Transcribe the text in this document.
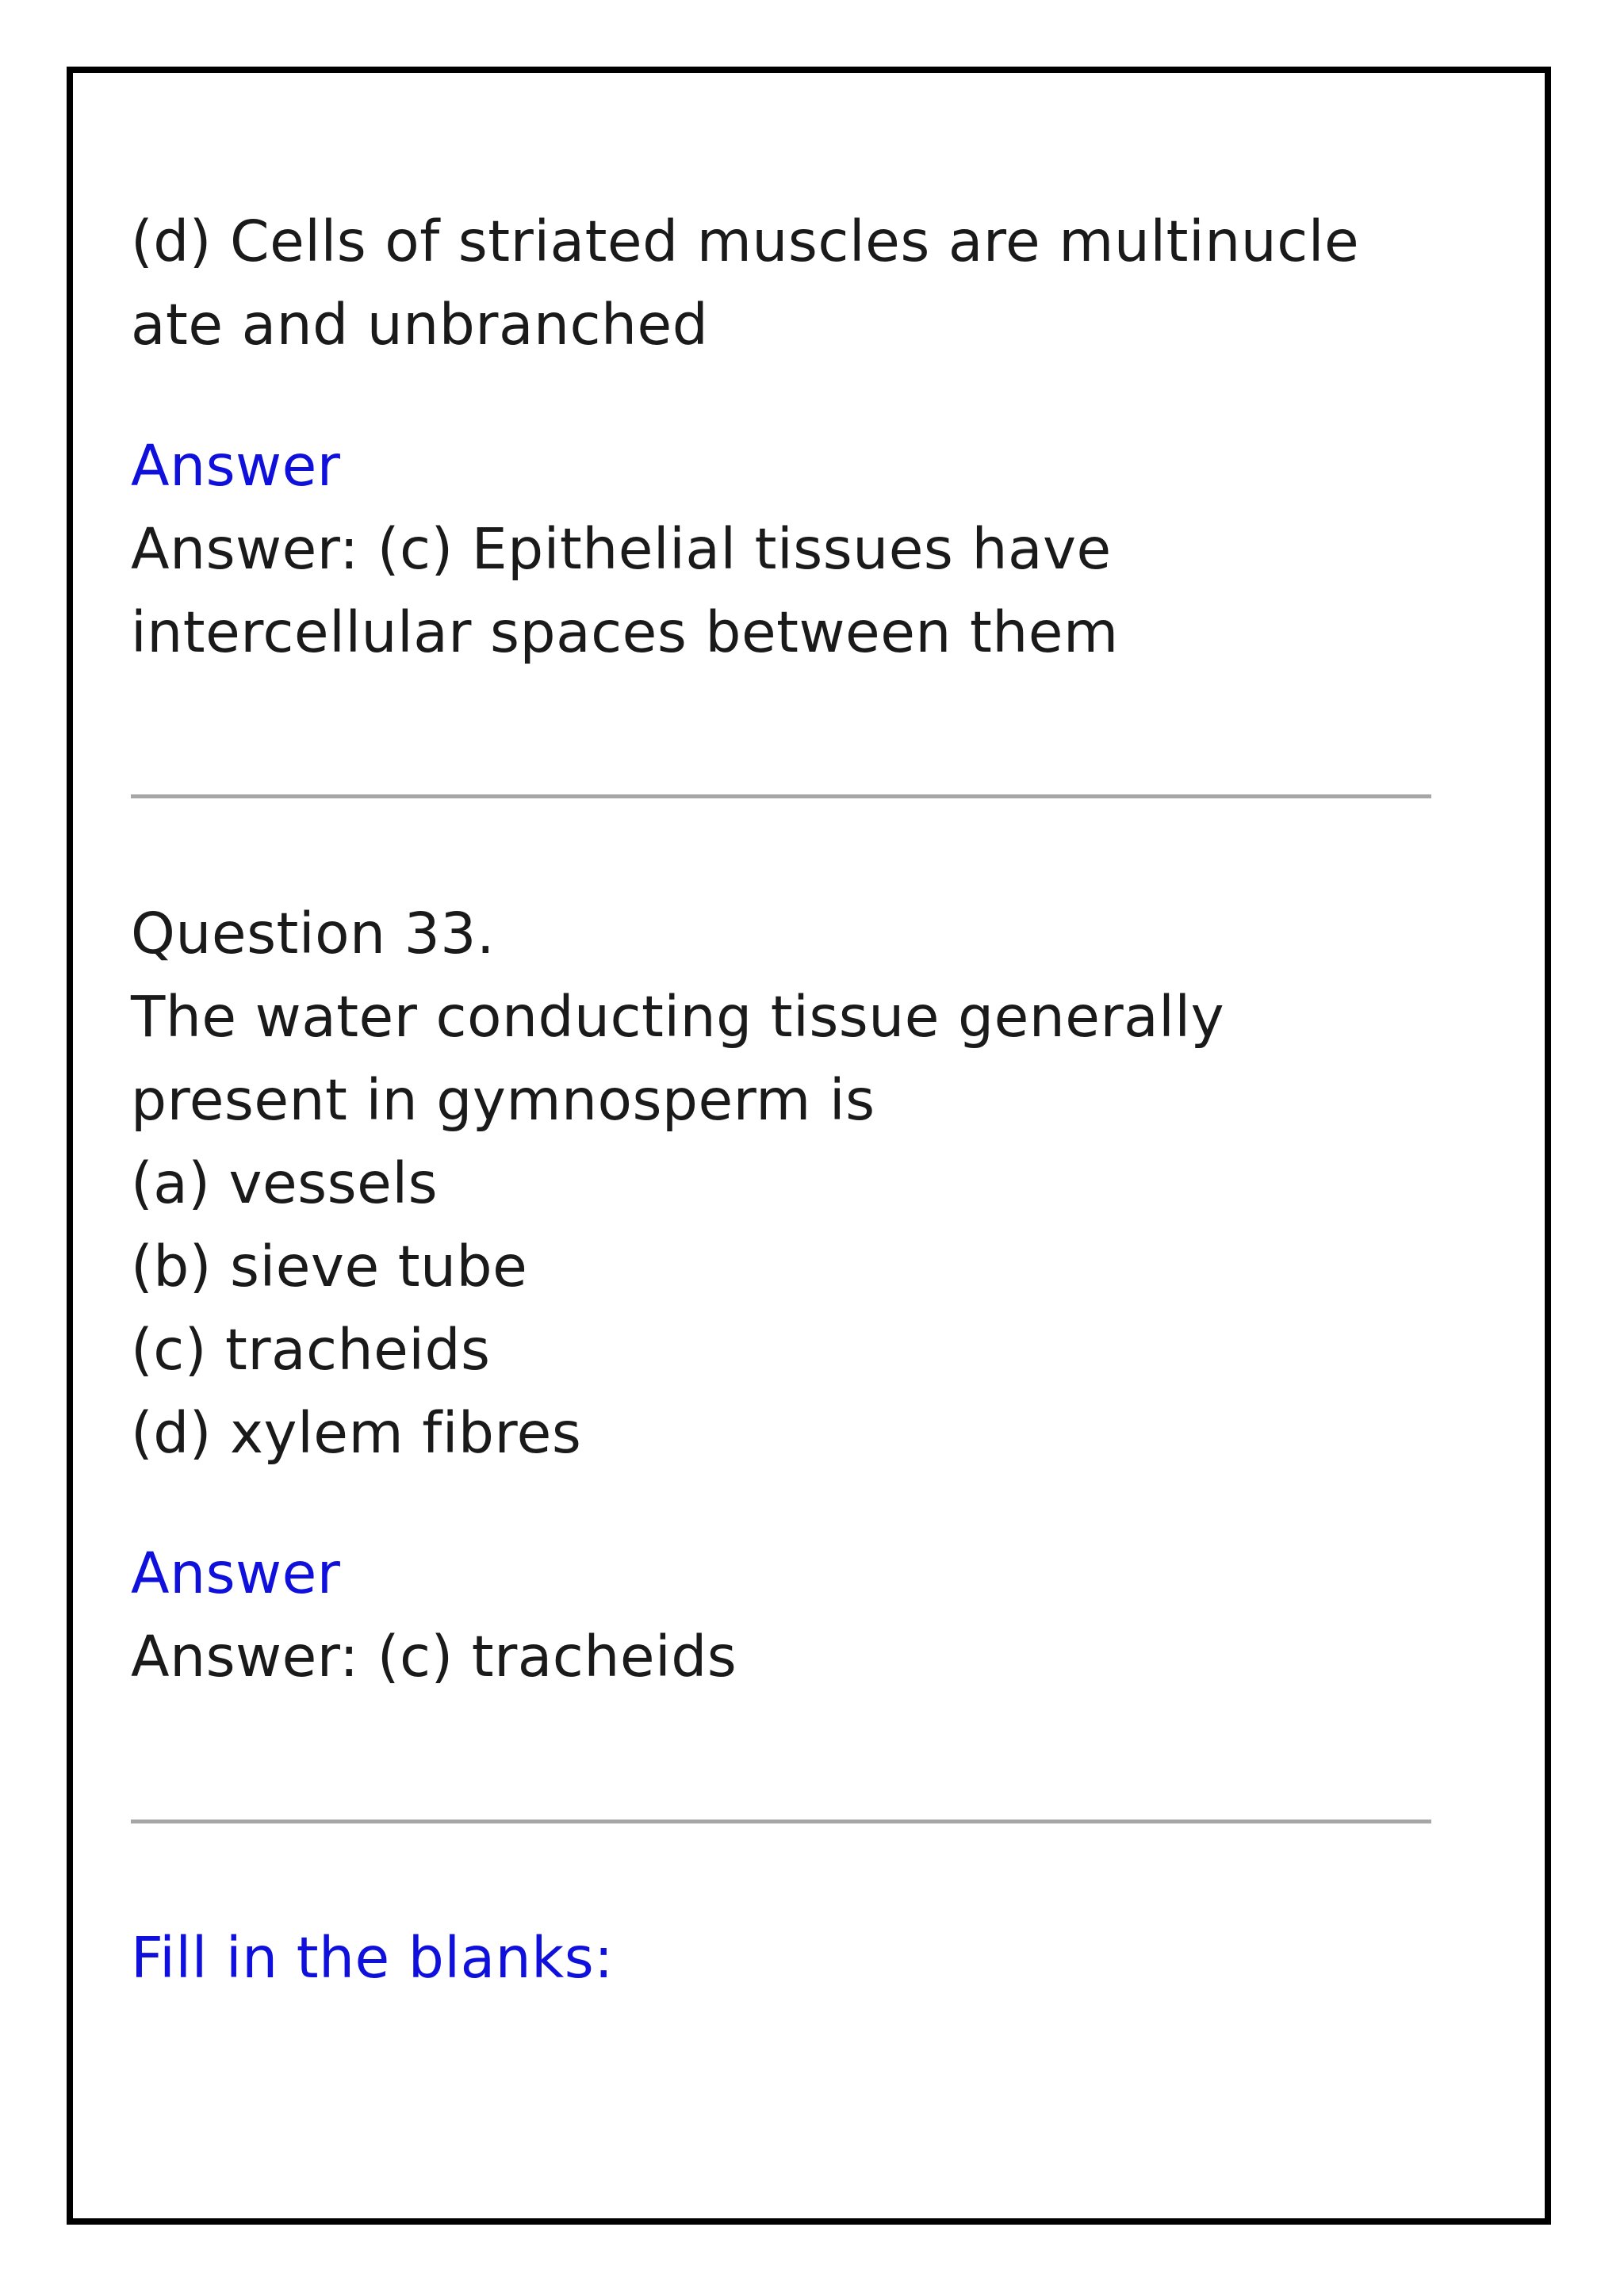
(d) Cells of striated muscles are multinucle

ate and unbranched

Answer

Answer: (c) Epithelial tissues have

intercellular spaces between them

Question 33.

The water conducting tissue generally

present in gymnosperm is

(a) vessels

(b) sieve tube

(c) tracheids

(d) xylem fibres

Answer

Answer: (c) tracheids

Fill in the blanks:
